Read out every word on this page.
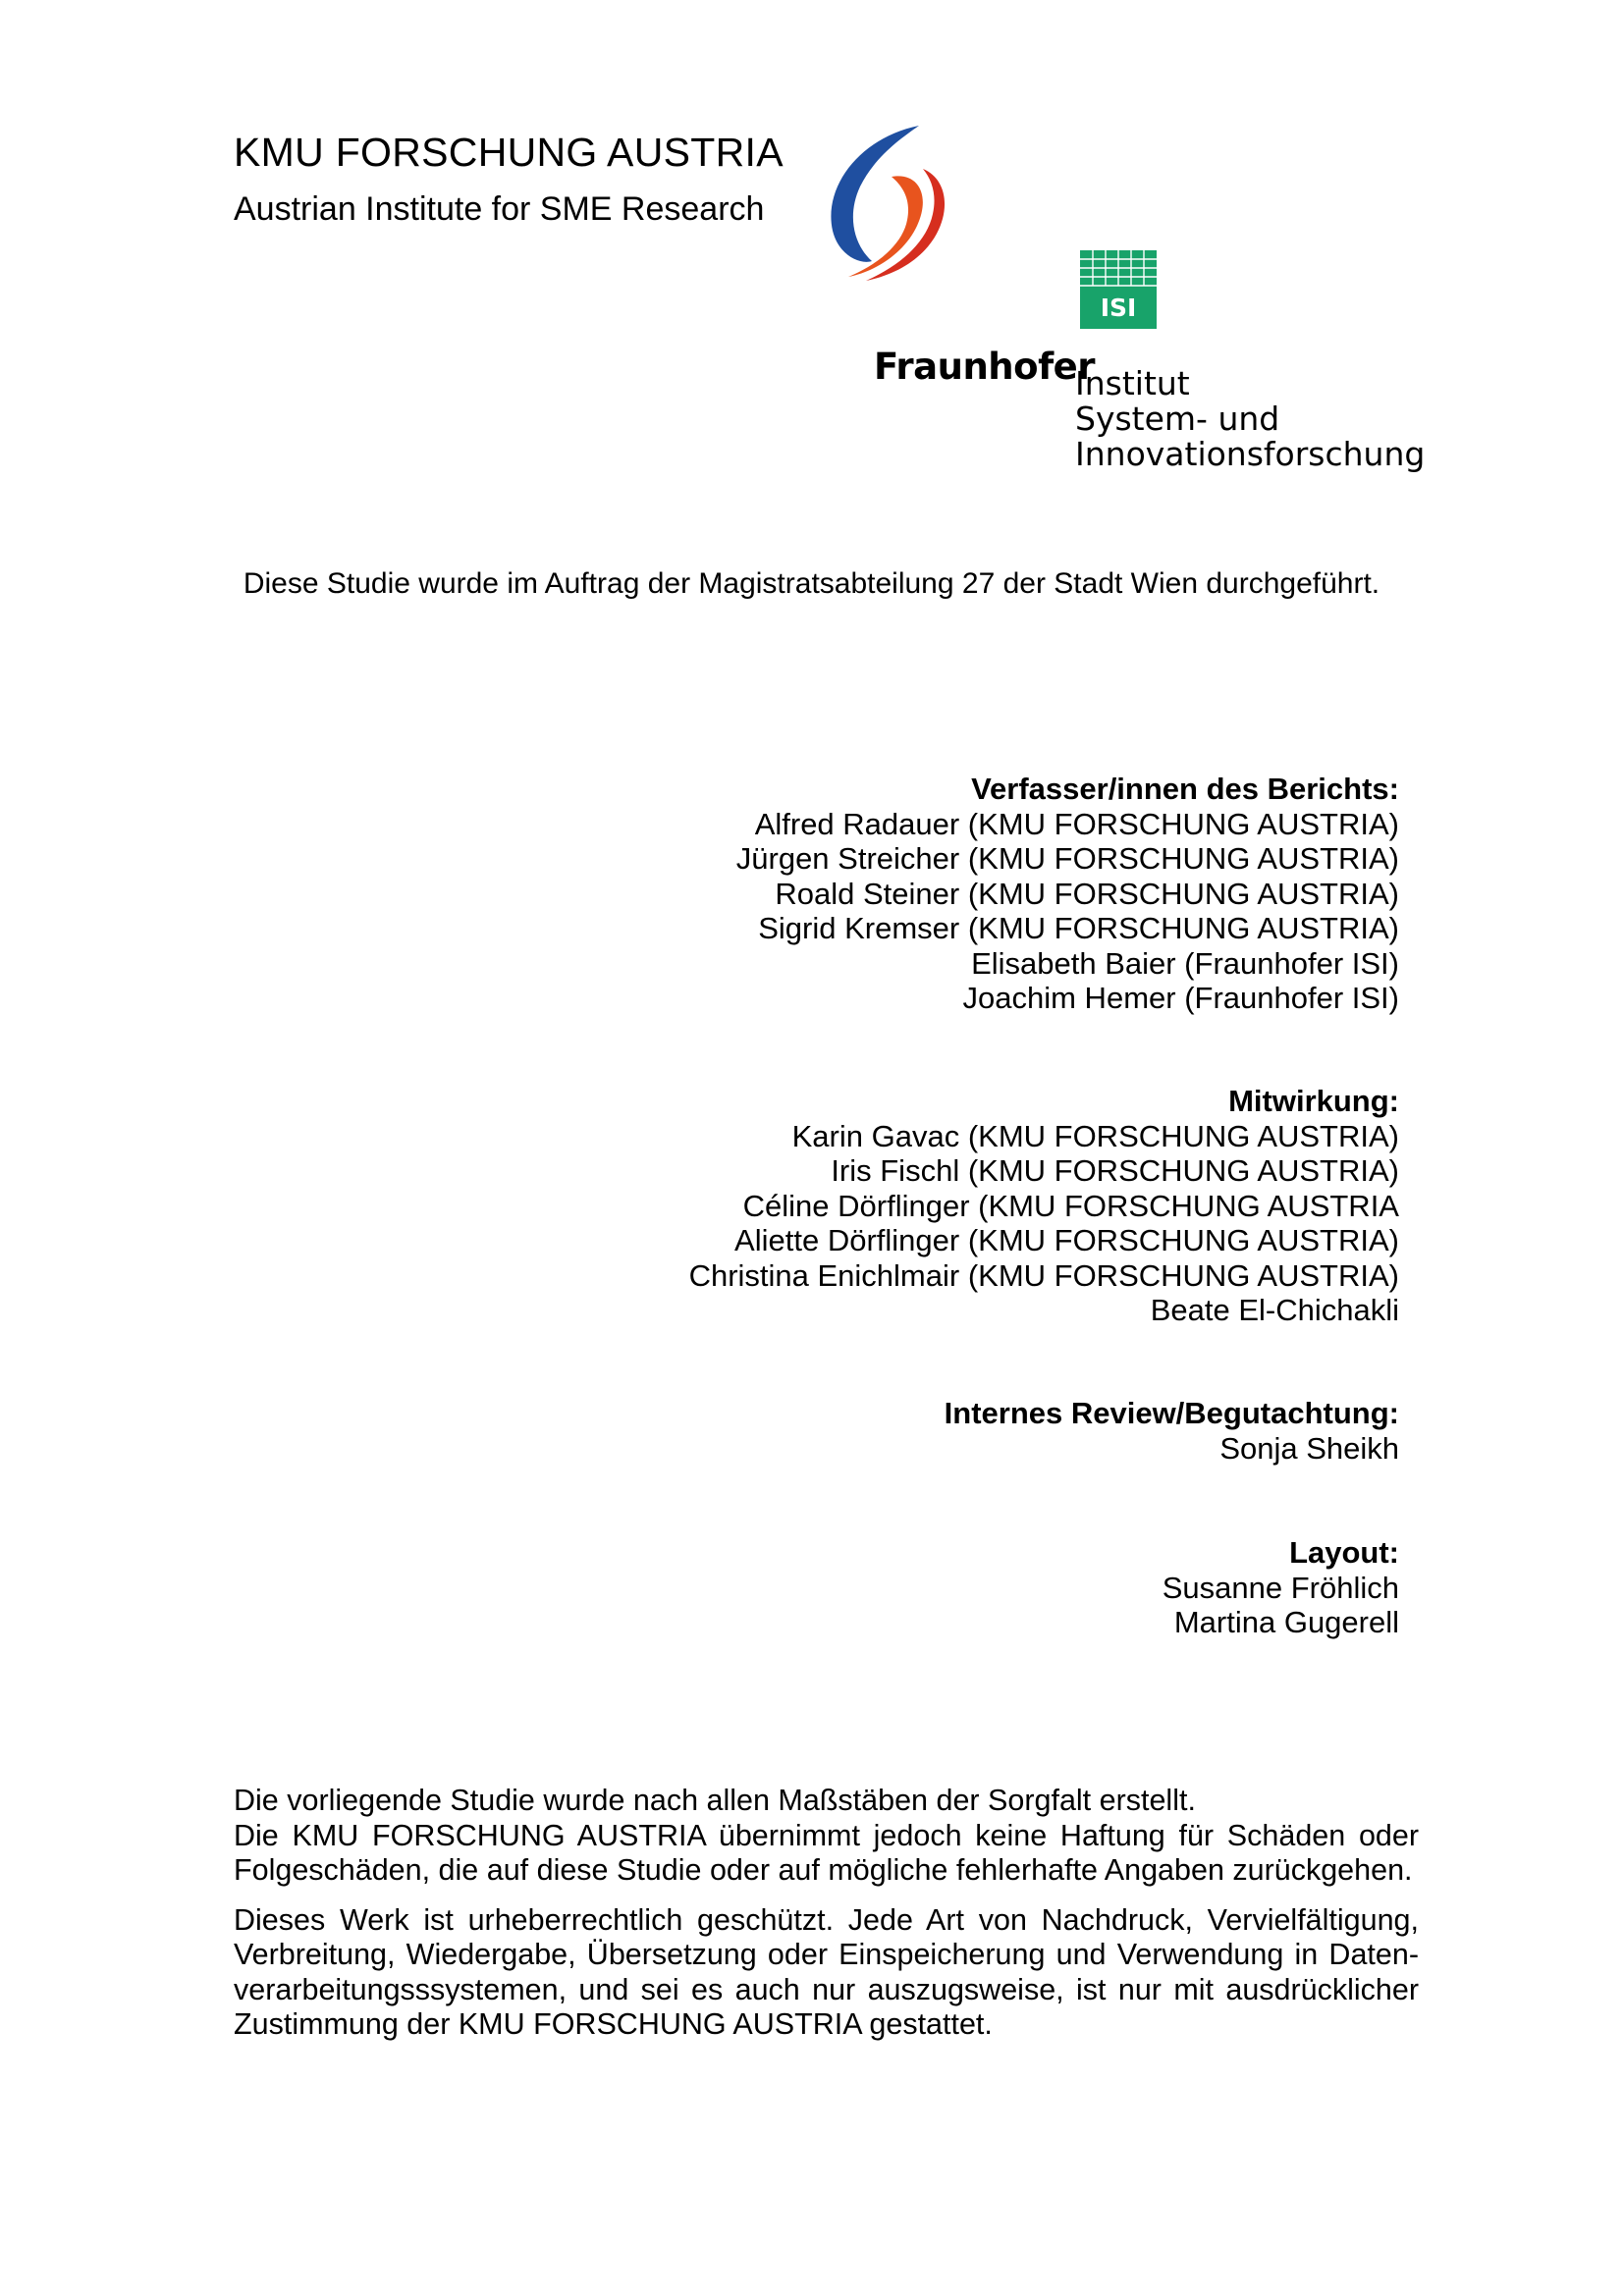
KMU FORSCHUNG AUSTRIA
Austrian Institute for SME Research
ISI
Fraunhofer
Institut
System- und
Innovationsforschung
Diese Studie wurde im Auftrag der Magistratsabteilung 27 der Stadt Wien durchgeführt.
Verfasser/innen des Berichts:
Alfred Radauer (KMU FORSCHUNG AUSTRIA)
Jürgen Streicher (KMU FORSCHUNG AUSTRIA)
Roald Steiner (KMU FORSCHUNG AUSTRIA)
Sigrid Kremser (KMU FORSCHUNG AUSTRIA)
Elisabeth Baier (Fraunhofer ISI)
Joachim Hemer (Fraunhofer ISI)
Mitwirkung:
Karin Gavac (KMU FORSCHUNG AUSTRIA)
Iris Fischl (KMU FORSCHUNG AUSTRIA)
Céline Dörflinger (KMU FORSCHUNG AUSTRIA
Aliette Dörflinger (KMU FORSCHUNG AUSTRIA)
Christina Enichlmair (KMU FORSCHUNG AUSTRIA)
Beate El-Chichakli
Internes Review/Begutachtung:
Sonja Sheikh
Layout:
Susanne Fröhlich
Martina Gugerell

Die vorliegende Studie wurde nach allen Maßstäben der Sorgfalt erstellt.
Die KMU FORSCHUNG AUSTRIA übernimmt jedoch keine Haftung für Schäden oder Folgeschäden, die auf diese Studie oder auf mögliche fehlerhafte Angaben zurückgehen.

Dieses Werk ist urheberrechtlich geschützt. Jede Art von Nachdruck, Vervielfältigung, Verbreitung, Wiedergabe, Übersetzung oder Einspeicherung und Verwendung in Datenverarbeitungsssystemen, und sei es auch nur auszugsweise, ist nur mit ausdrücklicher Zustimmung der KMU FORSCHUNG AUSTRIA gestattet.
